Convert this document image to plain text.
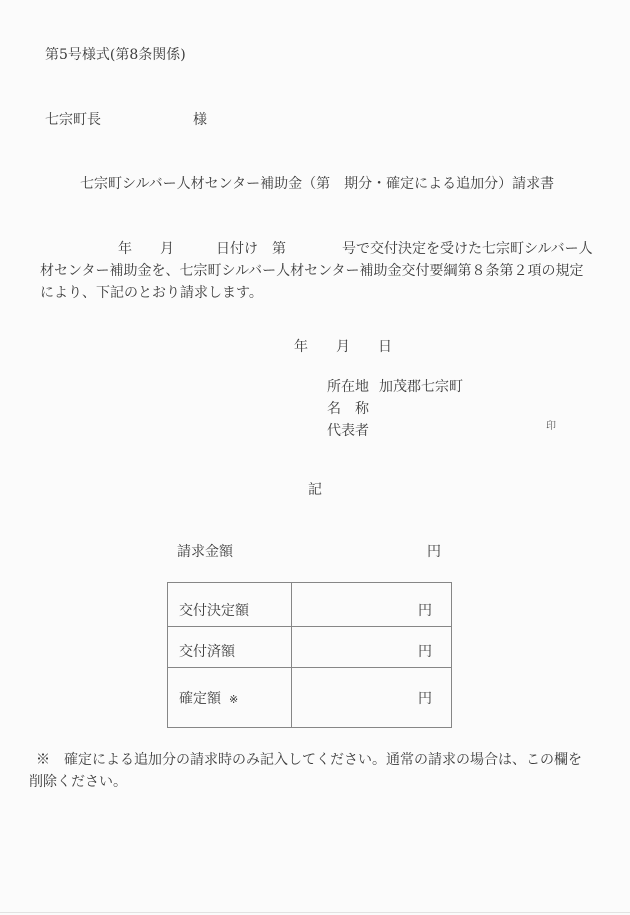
第5号様式(第8条関係)
七宗町長	様
七宗町シルバー人材センター補助金（第　期分・確定による追加分）請求書
年　　月　　　日付け　第　　　　号で交付決定を受けた七宗町シルバー人
材センター補助金を、七宗町シルバー人材センター補助金交付要綱第８条第２項の規定
により、下記のとおり請求します。
年　　月　　日
所在地 加茂郡七宗町
名　称
代表者	印
記
請求金額	円
交付決定額	円
交付済額	円
確定額 ※	円
※　確定による追加分の請求時のみ記入してください。通常の請求の場合は、この欄を
削除ください。
